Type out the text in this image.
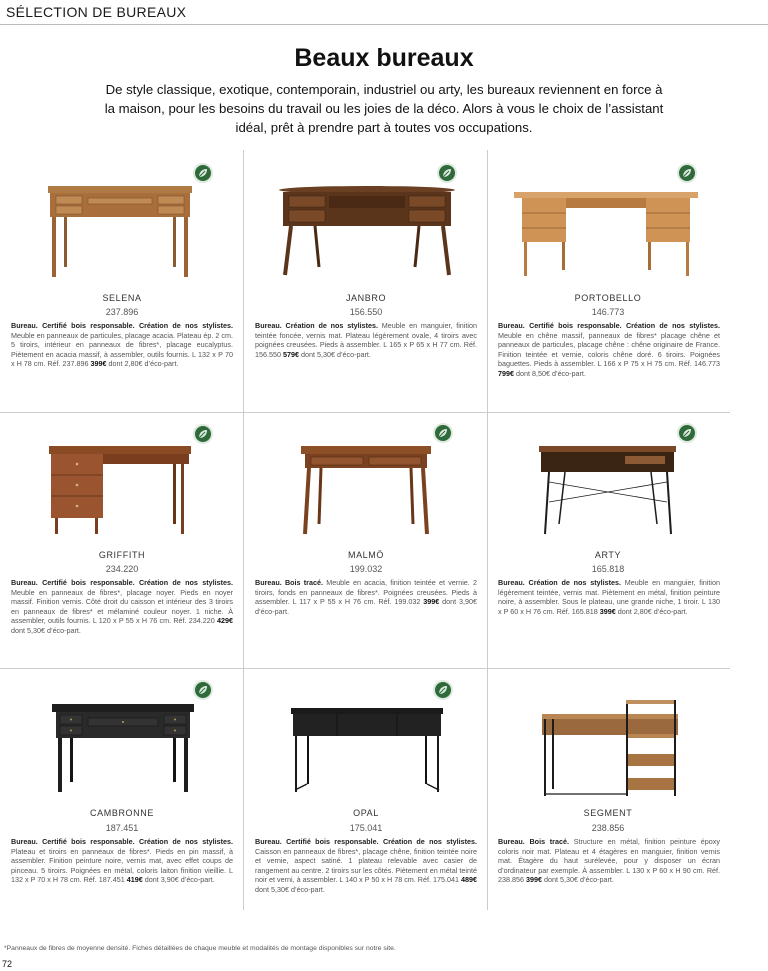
SÉLECTION DE BUREAUX
Beaux bureaux
De style classique, exotique, contemporain, industriel ou arty, les bureaux reviennent en force à la maison, pour les besoins du travail ou les joies de la déco. Alors à vous le choix de l’assistant idéal, prêt à prendre part à toutes vos occupations.
SELENA
237.896
Bureau. Certifié bois responsable. Création de nos stylistes. Meuble en panneaux de particules, placage acacia. Plateau ép. 2 cm. 5 tiroirs, intérieur en panneaux de fibres*, placage eucalyptus. Piètement en acacia massif, à assembler, outils fournis. L 132 x P 70 x H 78 cm. Réf. 237.896 399€ dont 2,80€ d’éco-part.
JANBRO
156.550
Bureau. Création de nos stylistes. Meuble en manguier, finition teintée foncée, vernis mat. Plateau légèrement ovale, 4 tiroirs avec poignées creusées. Pieds à assembler. L 165 x P 65 x H 77 cm. Réf. 156.550 579€ dont 5,30€ d’éco-part.
PORTOBELLO
146.773
Bureau. Certifié bois responsable. Création de nos stylistes. Meuble en chêne massif, panneaux de fibres* placage chêne et panneaux de particules, placage chêne : chêne originaire de France. Finition teintée et vernie, coloris chêne doré. 6 tiroirs. Poignées baguettes. Pieds à assembler. L 166 x P 75 x H 75 cm. Réf. 146.773 799€ dont 8,50€ d’éco-part.
GRIFFITH
234.220
Bureau. Certifié bois responsable. Création de nos stylistes. Meuble en panneaux de fibres*, placage noyer. Pieds en noyer massif. Finition vernis. Côté droit du caisson et intérieur des 3 tiroirs en panneaux de fibres* et mélaminé couleur noyer. 1 niche. À assembler, outils fournis. L 120 x P 55 x H 76 cm. Réf. 234.220 429€ dont 5,30€ d’éco-part.
MALMÖ
199.032
Bureau. Bois tracé. Meuble en acacia, finition teintée et vernie. 2 tiroirs, fonds en panneaux de fibres*. Poignées creusées. Pieds à assembler. L 117 x P 55 x H 76 cm. Réf. 199.032 399€ dont 3,90€ d’éco-part.
ARTY
165.818
Bureau. Création de nos stylistes. Meuble en manguier, finition légèrement teintée, vernis mat. Piètement en métal, finition peinture noire, à assembler. Sous le plateau, une grande niche, 1 tiroir. L 130 x P 60 x H 76 cm. Réf. 165.818 399€ dont 2,80€ d’éco-part.
CAMBRONNE
187.451
Bureau. Certifié bois responsable. Création de nos stylistes. Plateau et tiroirs en panneaux de fibres*. Pieds en pin massif, à assembler. Finition peinture noire, vernis mat, avec effet coups de pinceau. 5 tiroirs. Poignées en métal, coloris laiton finition vieillie. L 132 x P 70 x H 78 cm. Réf. 187.451 419€ dont 3,90€ d’éco-part.
OPAL
175.041
Bureau. Certifié bois responsable. Création de nos stylistes. Caisson en panneaux de fibres*, placage chêne, finition teintée noire et vernie, aspect satiné. 1 plateau relevable avec casier de rangement au centre. 2 tiroirs sur les côtés. Piètement en métal teinté noir et verni, à assembler. L 140 x P 50 x H 78 cm. Réf. 175.041 489€ dont 5,30€ d’éco-part.
SEGMENT
238.856
Bureau. Bois tracé. Structure en métal, finition peinture époxy coloris noir mat. Plateau et 4 étagères en manguier, finition vernis mat. Étagère du haut surélevée, pour y disposer un écran d’ordinateur par exemple. À assembler. L 130 x P 60 x H 90 cm. Réf. 238.856 399€ dont 5,30€ d’éco-part.
*Panneaux de fibres de moyenne densité. Fiches détaillées de chaque meuble et modalités de montage disponibles sur notre site.
72
